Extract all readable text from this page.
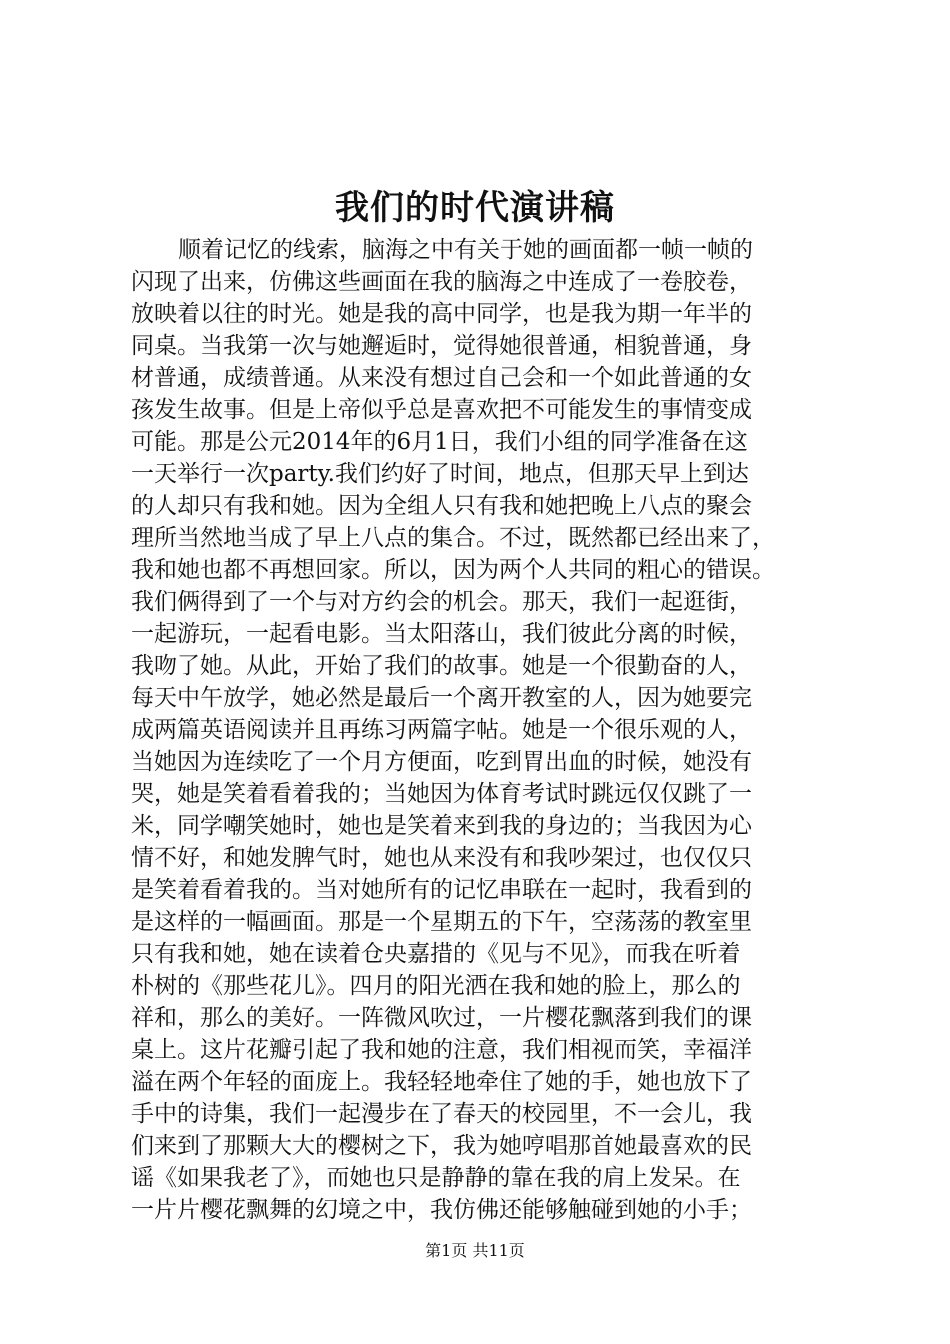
我们的时代演讲稿
顺着记忆的线索，脑海之中有关于她的画面都一帧一帧的
闪现了出来，仿佛这些画面在我的脑海之中连成了一卷胶卷，
放映着以往的时光。她是我的高中同学，也是我为期一年半的
同桌。当我第一次与她邂逅时，觉得她很普通，相貌普通，身
材普通，成绩普通。从来没有想过自己会和一个如此普通的女
孩发生故事。但是上帝似乎总是喜欢把不可能发生的事情变成
可能。那是公元2014年的6月1日，我们小组的同学准备在这
一天举行一次party.我们约好了时间，地点，但那天早上到达
的人却只有我和她。因为全组人只有我和她把晚上八点的聚会
理所当然地当成了早上八点的集合。不过，既然都已经出来了，
我和她也都不再想回家。所以，因为两个人共同的粗心的错误。
我们俩得到了一个与对方约会的机会。那天，我们一起逛街，
一起游玩，一起看电影。当太阳落山，我们彼此分离的时候，
我吻了她。从此，开始了我们的故事。她是一个很勤奋的人，
每天中午放学，她必然是最后一个离开教室的人，因为她要完
成两篇英语阅读并且再练习两篇字帖。她是一个很乐观的人，
当她因为连续吃了一个月方便面，吃到胃出血的时候，她没有
哭，她是笑着看着我的；当她因为体育考试时跳远仅仅跳了一
米，同学嘲笑她时，她也是笑着来到我的身边的；当我因为心
情不好，和她发脾气时，她也从来没有和我吵架过，也仅仅只
是笑着看着我的。当对她所有的记忆串联在一起时，我看到的
是这样的一幅画面。那是一个星期五的下午，空荡荡的教室里
只有我和她，她在读着仓央嘉措的《见与不见》，而我在听着
朴树的《那些花儿》。四月的阳光洒在我和她的脸上，那么的
祥和，那么的美好。一阵微风吹过，一片樱花飘落到我们的课
桌上。这片花瓣引起了我和她的注意，我们相视而笑，幸福洋
溢在两个年轻的面庞上。我轻轻地牵住了她的手，她也放下了
手中的诗集，我们一起漫步在了春天的校园里，不一会儿，我
们来到了那颗大大的樱树之下，我为她哼唱那首她最喜欢的民
谣《如果我老了》，而她也只是静静的靠在我的肩上发呆。在
一片片樱花飘舞的幻境之中，我仿佛还能够触碰到她的小手；
第1页 共11页
